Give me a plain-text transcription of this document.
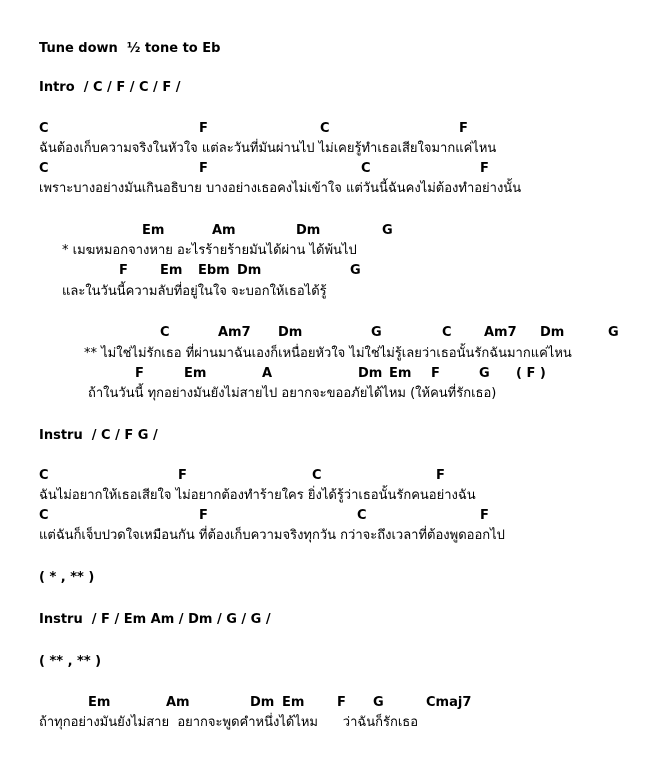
Tune down  ½ tone to Eb
Intro  / C / F / C / F /
C	F	C	F
ฉันต้องเก็บความจริงในหัวใจ แต่ละวันที่มันผ่านไป ไม่เคยรู้ทำเธอเสียใจมากแค่ไหน
C	F	C	F
เพราะบางอย่างมันเกินอธิบาย บางอย่างเธอคงไม่เข้าใจ แต่วันนี้ฉันคงไม่ต้องทำอย่างนั้น
Em	Am	Dm	G
* เมฆหมอกจางหาย อะไรร้ายร้ายมันได้ผ่าน ได้พ้นไป
F Em Ebm Dm	G
และในวันนี้ความลับที่อยู่ในใจ จะบอกให้เธอได้รู้
C	Am7 Dm	G	C Am7 Dm	G
** ไม่ใช่ไม่รักเธอ ที่ผ่านมาฉันเองก็เหนื่อยหัวใจ ไม่ใช่ไม่รู้เลยว่าเธอนั้นรักฉันมากแค่ไหน
F	Em	A	Dm Em F	G ( F )
ถ้าในวันนี้ ทุกอย่างมันยังไม่สายไป อยากจะขออภัยได้ไหม (ให้คนที่รักเธอ)
Instru  / C / F G /
C	F	C	F
ฉันไม่อยากให้เธอเสียใจ ไม่อยากต้องทำร้ายใคร ยิ่งได้รู้ว่าเธอนั้นรักคนอย่างฉัน
C	F	C	F
แต่ฉันก็เจ็บปวดใจเหมือนกัน ที่ต้องเก็บความจริงทุกวัน กว่าจะถึงเวลาที่ต้องพูดออกไป
( * , ** )
Instru  / F / Em Am / Dm / G / G /
( ** , ** )
Em	Am	Dm Em	F G	Cmaj7
ถ้าทุกอย่างมันยังไม่สาย  อยากจะพูดคำหนึ่งได้ไหม      ว่าฉันก็รักเธอ
